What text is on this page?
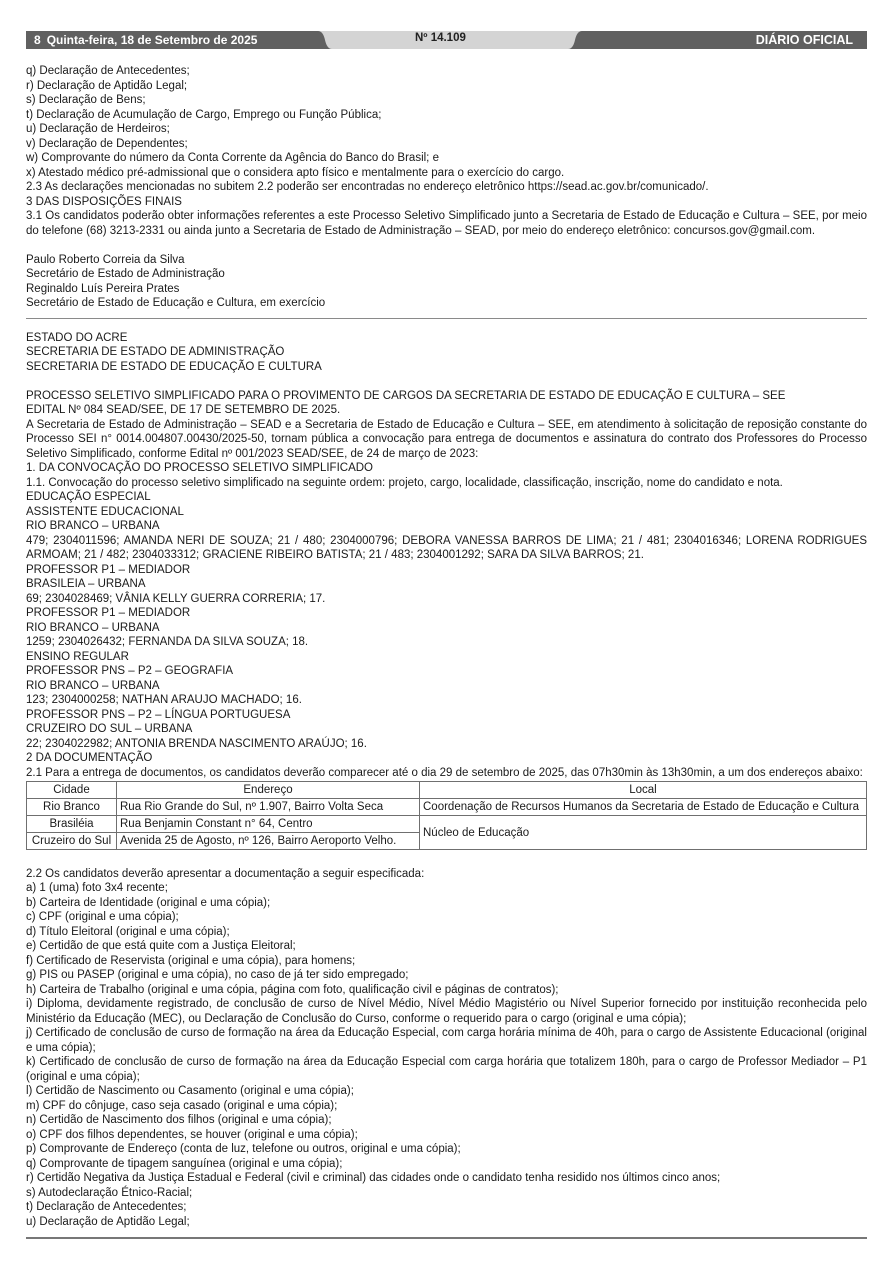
8 Quinta-feira, 18 de Setembro de 2025	Nº 14.109	DIÁRIO OFICIAL

q) Declaração de Antecedentes;

r) Declaração de Aptidão Legal;

s) Declaração de Bens;

t) Declaração de Acumulação de Cargo, Emprego ou Função Pública;

u) Declaração de Herdeiros;

v) Declaração de Dependentes;

w) Comprovante do número da Conta Corrente da Agência do Banco do Brasil; e

x) Atestado médico pré-admissional que o considera apto físico e mentalmente para o exercício do cargo.

2.3 As declarações mencionadas no subitem 2.2 poderão ser encontradas no endereço eletrônico https://sead.ac.gov.br/comunicado/.

3 DAS DISPOSIÇÕES FINAIS

3.1 Os candidatos poderão obter informações referentes a este Processo Seletivo Simplificado junto a Secretaria de Estado de Educação e Cultura – SEE, por meio do telefone (68) 3213-2331 ou ainda junto a Secretaria de Estado de Administração – SEAD, por meio do endereço eletrônico: concursos.gov@gmail.com.

Paulo Roberto Correia da Silva

Secretário de Estado de Administração

Reginaldo Luís Pereira Prates

Secretário de Estado de Educação e Cultura, em exercício

ESTADO DO ACRE

SECRETARIA DE ESTADO DE ADMINISTRAÇÃO

SECRETARIA DE ESTADO DE EDUCAÇÃO E CULTURA

PROCESSO SELETIVO SIMPLIFICADO PARA O PROVIMENTO DE CARGOS DA SECRETARIA DE ESTADO DE EDUCAÇÃO E CULTURA – SEE

EDITAL Nº 084 SEAD/SEE, DE 17 DE SETEMBRO DE 2025.

A Secretaria de Estado de Administração – SEAD e a Secretaria de Estado de Educação e Cultura – SEE, em atendimento à solicitação de reposição constante do Processo SEI n° 0014.004807.00430/2025-50, tornam pública a convocação para entrega de documentos e assinatura do contrato dos Professores do Processo Seletivo Simplificado, conforme Edital nº 001/2023 SEAD/SEE, de 24 de março de 2023:

1. DA CONVOCAÇÃO DO PROCESSO SELETIVO SIMPLIFICADO

1.1. Convocação do processo seletivo simplificado na seguinte ordem: projeto, cargo, localidade, classificação, inscrição, nome do candidato e nota.

EDUCAÇÃO ESPECIAL

ASSISTENTE EDUCACIONAL

RIO BRANCO – URBANA

479; 2304011596; AMANDA NERI DE SOUZA; 21 / 480; 2304000796; DEBORA VANESSA BARROS DE LIMA; 21 / 481; 2304016346; LORENA RODRIGUES ARMOAM; 21 / 482; 2304033312; GRACIENE RIBEIRO BATISTA; 21 / 483; 2304001292; SARA DA SILVA BARROS; 21.

PROFESSOR P1 – MEDIADOR

BRASILEIA – URBANA

69; 2304028469; VÂNIA KELLY GUERRA CORRERIA; 17.

PROFESSOR P1 – MEDIADOR

RIO BRANCO – URBANA

1259; 2304026432; FERNANDA DA SILVA SOUZA; 18.

ENSINO REGULAR

PROFESSOR PNS – P2 – GEOGRAFIA

RIO BRANCO – URBANA

123; 2304000258; NATHAN ARAUJO MACHADO; 16.

PROFESSOR PNS – P2 – LÍNGUA PORTUGUESA

CRUZEIRO DO SUL – URBANA

22; 2304022982; ANTONIA BRENDA NASCIMENTO ARAÚJO; 16.

2 DA DOCUMENTAÇÃO

2.1 Para a entrega de documentos, os candidatos deverão comparecer até o dia 29 de setembro de 2025, das 07h30min às 13h30min, a um dos endereços abaixo:

Cidade	Endereço	Local
Rio Branco	Rua Rio Grande do Sul, nº 1.907, Bairro Volta Seca	Coordenação de Recursos Humanos da Secretaria de Estado de Educação e Cultura
Brasiléia	Rua Benjamin Constant n° 64, Centro	Núcleo de Educação
Cruzeiro do Sul	Avenida 25 de Agosto, nº 126, Bairro Aeroporto Velho.	

2.2 Os candidatos deverão apresentar a documentação a seguir especificada:

a) 1 (uma) foto 3x4 recente;

b) Carteira de Identidade (original e uma cópia);

c) CPF (original e uma cópia);

d) Título Eleitoral (original e uma cópia);

e) Certidão de que está quite com a Justiça Eleitoral;

f) Certificado de Reservista (original e uma cópia), para homens;

g) PIS ou PASEP (original e uma cópia), no caso de já ter sido empregado;

h) Carteira de Trabalho (original e uma cópia, página com foto, qualificação civil e páginas de contratos);

i) Diploma, devidamente registrado, de conclusão de curso de Nível Médio, Nível Médio Magistério ou Nível Superior fornecido por instituição reconhecida pelo Ministério da Educação (MEC), ou Declaração de Conclusão do Curso, conforme o requerido para o cargo (original e uma cópia);

j) Certificado de conclusão de curso de formação na área da Educação Especial, com carga horária mínima de 40h, para o cargo de Assistente Educacional (original e uma cópia);

k) Certificado de conclusão de curso de formação na área da Educação Especial com carga horária que totalizem 180h, para o cargo de Professor Mediador – P1 (original e uma cópia);

l) Certidão de Nascimento ou Casamento (original e uma cópia);

m) CPF do cônjuge, caso seja casado (original e uma cópia);

n) Certidão de Nascimento dos filhos (original e uma cópia);

o) CPF dos filhos dependentes, se houver (original e uma cópia);

p) Comprovante de Endereço (conta de luz, telefone ou outros, original e uma cópia);

q) Comprovante de tipagem sanguínea (original e uma cópia);

r) Certidão Negativa da Justiça Estadual e Federal (civil e criminal) das cidades onde o candidato tenha residido nos últimos cinco anos;

s) Autodeclaração Étnico-Racial;

t) Declaração de Antecedentes;

u) Declaração de Aptidão Legal;
